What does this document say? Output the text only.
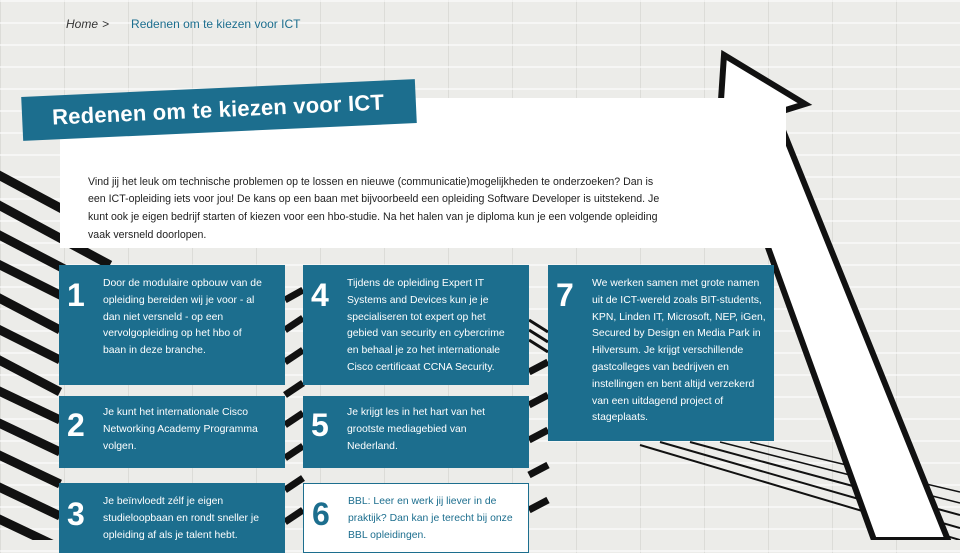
Home > Redenen om te kiezen voor ICT
Redenen om te kiezen voor ICT

Vind jij het leuk om technische problemen op te lossen en nieuwe (communicatie)mogelijkheden te onderzoeken? Dan is een ICT-opleiding iets voor jou! De kans op een baan met bijvoorbeeld een opleiding Software Developer is uitstekend. Je kunt ook je eigen bedrijf starten of kiezen voor een hbo-studie. Na het halen van je diploma kun je een volgende opleiding vaak versneld doorlopen.

1	Door de modulaire opbouw van de opleiding bereiden wij je voor - al dan niet versneld - op een vervolgopleiding op het hbo of baan in deze branche.
2	Je kunt het internationale Cisco Networking Academy Programma volgen.
3	Je beïnvloedt zélf je eigen studieloopbaan en rondt sneller je opleiding af als je talent hebt.
4	Tijdens de opleiding Expert IT Systems and Devices kun je je specialiseren tot expert op het gebied van security en cybercrime en behaal je zo het internationale Cisco certificaat CCNA Security.
5	Je krijgt les in het hart van het grootste mediagebied van Nederland.
6	BBL: Leer en werk jij liever in de praktijk? Dan kan je terecht bij onze BBL opleidingen.
7	We werken samen met grote namen uit de ICT-wereld zoals BIT-students, KPN, Linden IT, Microsoft, NEP, iGen, Secured by Design en Media Park in Hilversum. Je krijgt verschillende gastcolleges van bedrijven en instellingen en bent altijd verzekerd van een uitdagend project of stageplaats.
